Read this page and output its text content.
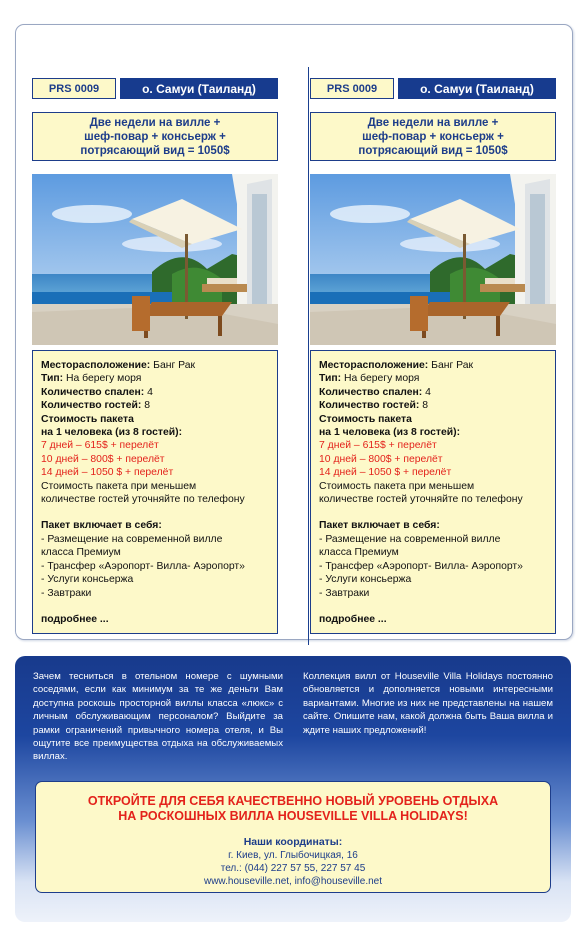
PRS 0009	о. Самуи (Таиланд)
Две недели на вилле +
шеф-повар + консьерж +
потрясающий вид = 1050$
Месторасположение: Банг Рак
Тип: На берегу моря
Количество спален: 4
Количество гостей: 8
Стоимость пакета
на 1 человека (из 8 гостей):
7 дней – 615$ + перелёт
10 дней – 800$ + перелёт
14 дней – 1050 $ + перелёт
Стоимость пакета при меньшем
количестве гостей уточняйте по телефону
Пакет включает в себя:
- Размещение на современной вилле
класса Премиум
- Трансфер «Аэропорт- Вилла- Аэропорт»
- Услуги консьержа
- Завтраки
подробнее ...
PRS 0009	о. Самуи (Таиланд)
Две недели на вилле +
шеф-повар + консьерж +
потрясающий вид = 1050$
Месторасположение: Банг Рак
Тип: На берегу моря
Количество спален: 4
Количество гостей: 8
Стоимость пакета
на 1 человека (из 8 гостей):
7 дней – 615$ + перелёт
10 дней – 800$ + перелёт
14 дней – 1050 $ + перелёт
Стоимость пакета при меньшем
количестве гостей уточняйте по телефону
Пакет включает в себя:
- Размещение на современной вилле
класса Премиум
- Трансфер «Аэропорт- Вилла- Аэропорт»
- Услуги консьержа
- Завтраки
подробнее ...
Зачем тесниться в отельном номере с шумными соседями, если как минимум за те же деньги Вам доступна роскошь просторной виллы класса «люкс» с личным обслуживающим персоналом? Выйдите за рамки ограничений привычного номера отеля, и Вы ощутите все преимущества отдыха на обслуживаемых виллах.
Коллекция вилл от Houseville Villa Holidays постоянно обновляется и дополняется новыми интересными вариантами. Многие из них не представлены на нашем сайте. Опишите нам, какой должна быть Ваша вилла и ждите наших предложений!
ОТКРОЙТЕ ДЛЯ СЕБЯ КАЧЕСТВЕННО НОВЫЙ УРОВЕНЬ ОТДЫХА
НА РОСКОШНЫХ ВИЛЛА HOUSEVILLE VILLA HOLIDAYS!
Наши координаты:
г. Киев, ул. Глыбочицкая, 16
тел.: (044) 227 57 55, 227 57 45
www.houseville.net, info@houseville.net
